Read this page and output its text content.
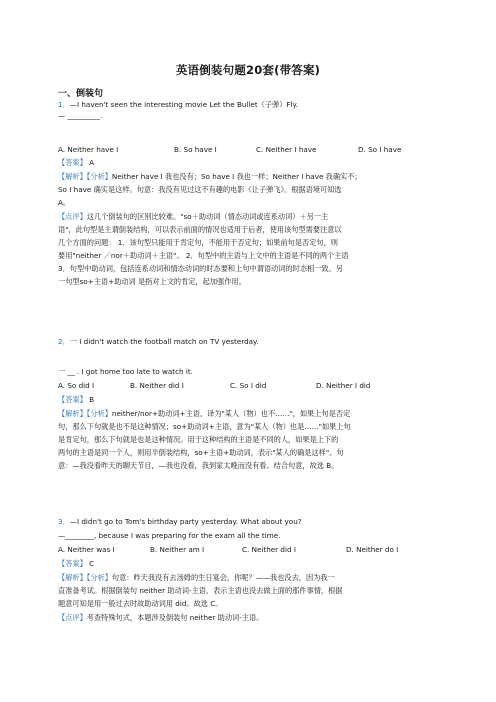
英语倒装句题20套(带答案)
一、倒装句
1．—I haven't seen the interesting movie Let the Bullet（子弹）Fly.
— _________.
A. Neither have I	B. So have I	C. Neither I have	D. So I have
【答案】 A
【解析】【分析】Neither have I 我也没有；So have I 我也一样；Neither I have 我确实不；
So I have 确实是这样。句意：我没有见过这不有趣的电影《让子弹飞》。根据语境可知选
A。
【点评】这几个倒装句的区别比较难。"so＋助动词（情态动词或连系动词）＋另一主
语"，此句型是主谓倒装结构，可以表示前面的情况也适用于后者，使用该句型需要注意以
几个方面的问题： 1．该句型只能用于肯定句，不能用于否定句；如果前句是否定句，则
要用"neither ／nor＋助动词＋主语"。 2．句型中的主语与上文中的主语是不同的两个主语
3．句型中助动词，包括连系动词和情态动词的时态要和上句中谓语动词的时态相一致。另
一句型so+主语+助动词 是指对上文的肯定，起加强作用。
2．一 I didn't watch the football match on TV yesterday.
一 __ . I got home too late to watch it.
A. So did I	B. Neither did I	C. So I did	D. Neither I did
【答案】 B
【解析】【分析】neither/nor+助动词+主语，译为"某人（物）也不……"，如果上句是否定
句，那么下句就是也不是这种情况；so+助动词+主语，意为"某人（物）也是……"如果上句
是肯定句，那么下句就是也是这种情况。用于这种结构的主语是不同的人，如果是上下的
两句的主语是同一个人，则用半倒装结构，so+主语+助动词，表示"某人的确是这样"。句
意：—我没看昨天的聊天节目，—我也没看，我到家太晚而没有看。结合句意，故选 B。
3．—I didn't go to Tom's birthday party yesterday. What about you?
—________, because I was preparing for the exam all the time.
A. Neither was I	B. Neither am I	C. Neither did I	D. Neither do I
【答案】 C
【解析】【分析】句意：昨天我没有去汤姆的生日宴会，你呢？——我也没去，因为我一
直准备考试。根据倒装句 neither 助动词-主语，表示主语也没去做上面的那件事情，根据
题意可知是用一般过去时故助动词用 did。故选 C。
【点评】考查特殊句式，本题涉及倒装句 neither 助动词-主语。
